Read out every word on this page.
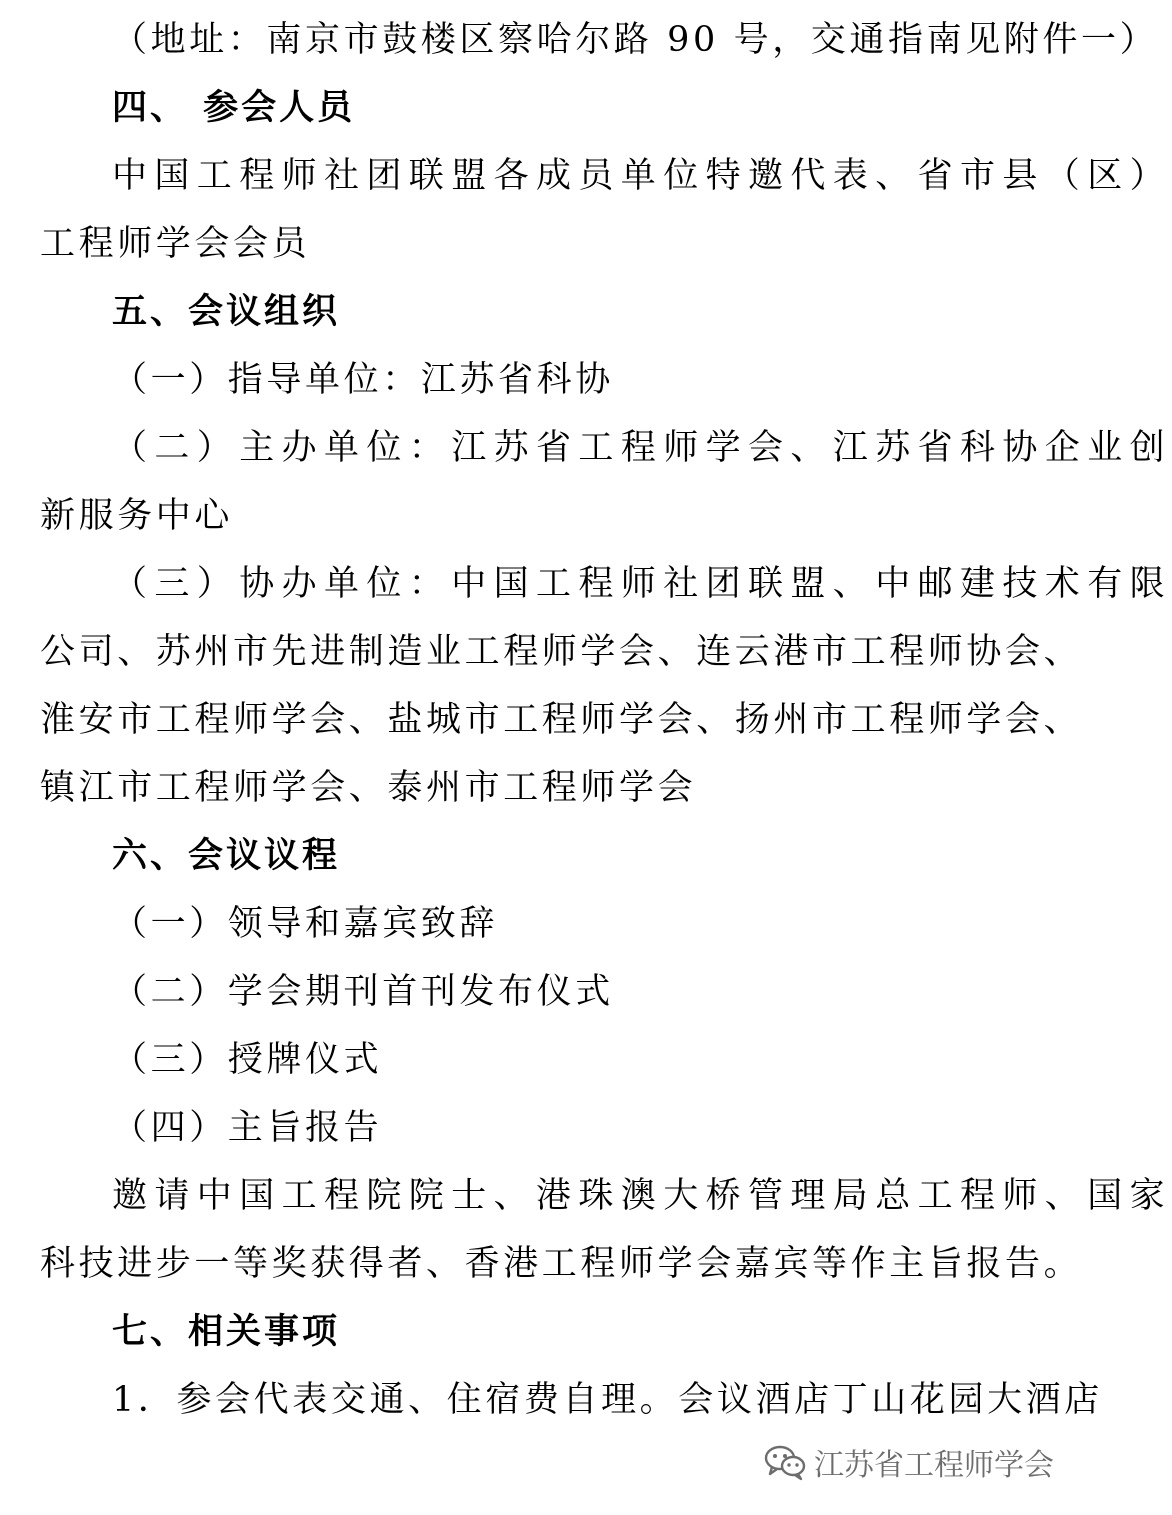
（地址：南京市鼓楼区察哈尔路 90 号，交通指南见附件一）
四、 参会人员
中国工程师社团联盟各成员单位特邀代表、省市县（区）
工程师学会会员
五、会议组织
（一）指导单位：江苏省科协
（二）主办单位：江苏省工程师学会、江苏省科协企业创
新服务中心
（三）协办单位：中国工程师社团联盟、中邮建技术有限
公司、苏州市先进制造业工程师学会、连云港市工程师协会、
淮安市工程师学会、盐城市工程师学会、扬州市工程师学会、
镇江市工程师学会、泰州市工程师学会
六、会议议程
（一）领导和嘉宾致辞
（二）学会期刊首刊发布仪式
（三）授牌仪式
（四）主旨报告
邀请中国工程院院士、港珠澳大桥管理局总工程师、国家
科技进步一等奖获得者、香港工程师学会嘉宾等作主旨报告。
七、相关事项
1．参会代表交通、住宿费自理。会议酒店丁山花园大酒店
江苏省工程师学会
